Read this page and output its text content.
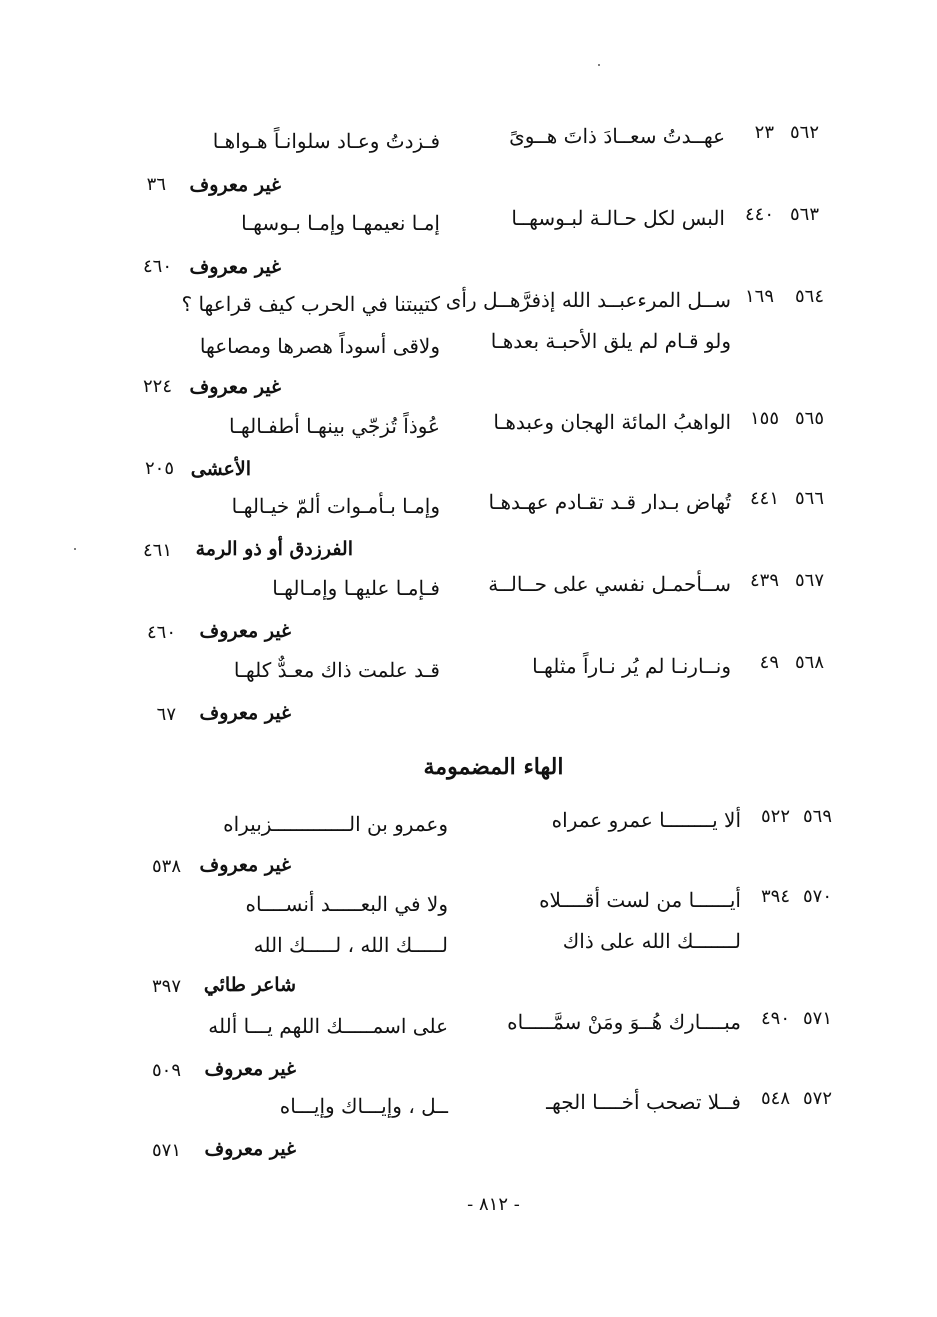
٥٦٢
٢٣
عهــدتُ سعــادَ ذاتَ هــوىً
فـزدتُ وعـاد سلوانـاً هـواهـا
غير معروف
٣٦
٥٦٣
٤٤٠
البس لكل حـالـة لبـوسهــا
إمـا نعيمهـا وإمـا بـوسهـا
غير معروف
٤٦٠
٥٦٤
١٦٩
ســل المرءعبــد الله إذفرَّهــل رأى
كتيبتنا في الحرب كيف قراعها ؟
ولو قـام لم يلق الأحبـة بعدهـا
ولاقى أسوداً هصرها ومصاعها
غير معروف
٢٢٤
٥٦٥
١٥٥
الواهبُ المائة الهجان وعبدهـا
عُوذاً تُزجّي بينهـا أطفـالهـا
الأعشى
٢٠٥
٥٦٦
٤٤١
تُهاض بـدار قـد تقـادم عهـدهـا
وإمـا بـأمـوات ألمّ خيـالهـا
الفرزدق أو ذو الرمة
٤٦١
٥٦٧
٤٣٩
ســأحمـل نفسي على حــالــة
فـإمـا عليهـا وإمـالهـا
غير معروف
٤٦٠
٥٦٨
٤٩
ونــارنـا لم يُر نـاراً مثلهـا
قـد علمت ذاك معـدٌّ كلهـا
غير معروف
٦٧
الهاء المضمومة
٥٦٩
٥٢٢
ألا يــــــــا عمرو عمراه
وعمرو بن الـــــــــــــزبيراه
غير معروف
٥٣٨
٥٧٠
٣٩٤
أيــــــا من لست أقــــلاه
ولا في البعـــــد أنســــاه
لـــــــك الله على ذاك
لـــــك الله ، لـــــك الله
شاعر طائي
٣٩٧
٥٧١
٤٩٠
مبــــارك هُــوَ ومَنْ سمَّـــــاه
على اسمـــــك اللهم يـــا ألله
غير معروف
٥٠٩
٥٧٢
٥٤٨
فــلا تصحب أخــــا الجهـ
ــل ، وإيـــاك وإيـــاه
غير معروف
٥٧١
- ٨١٢ -
